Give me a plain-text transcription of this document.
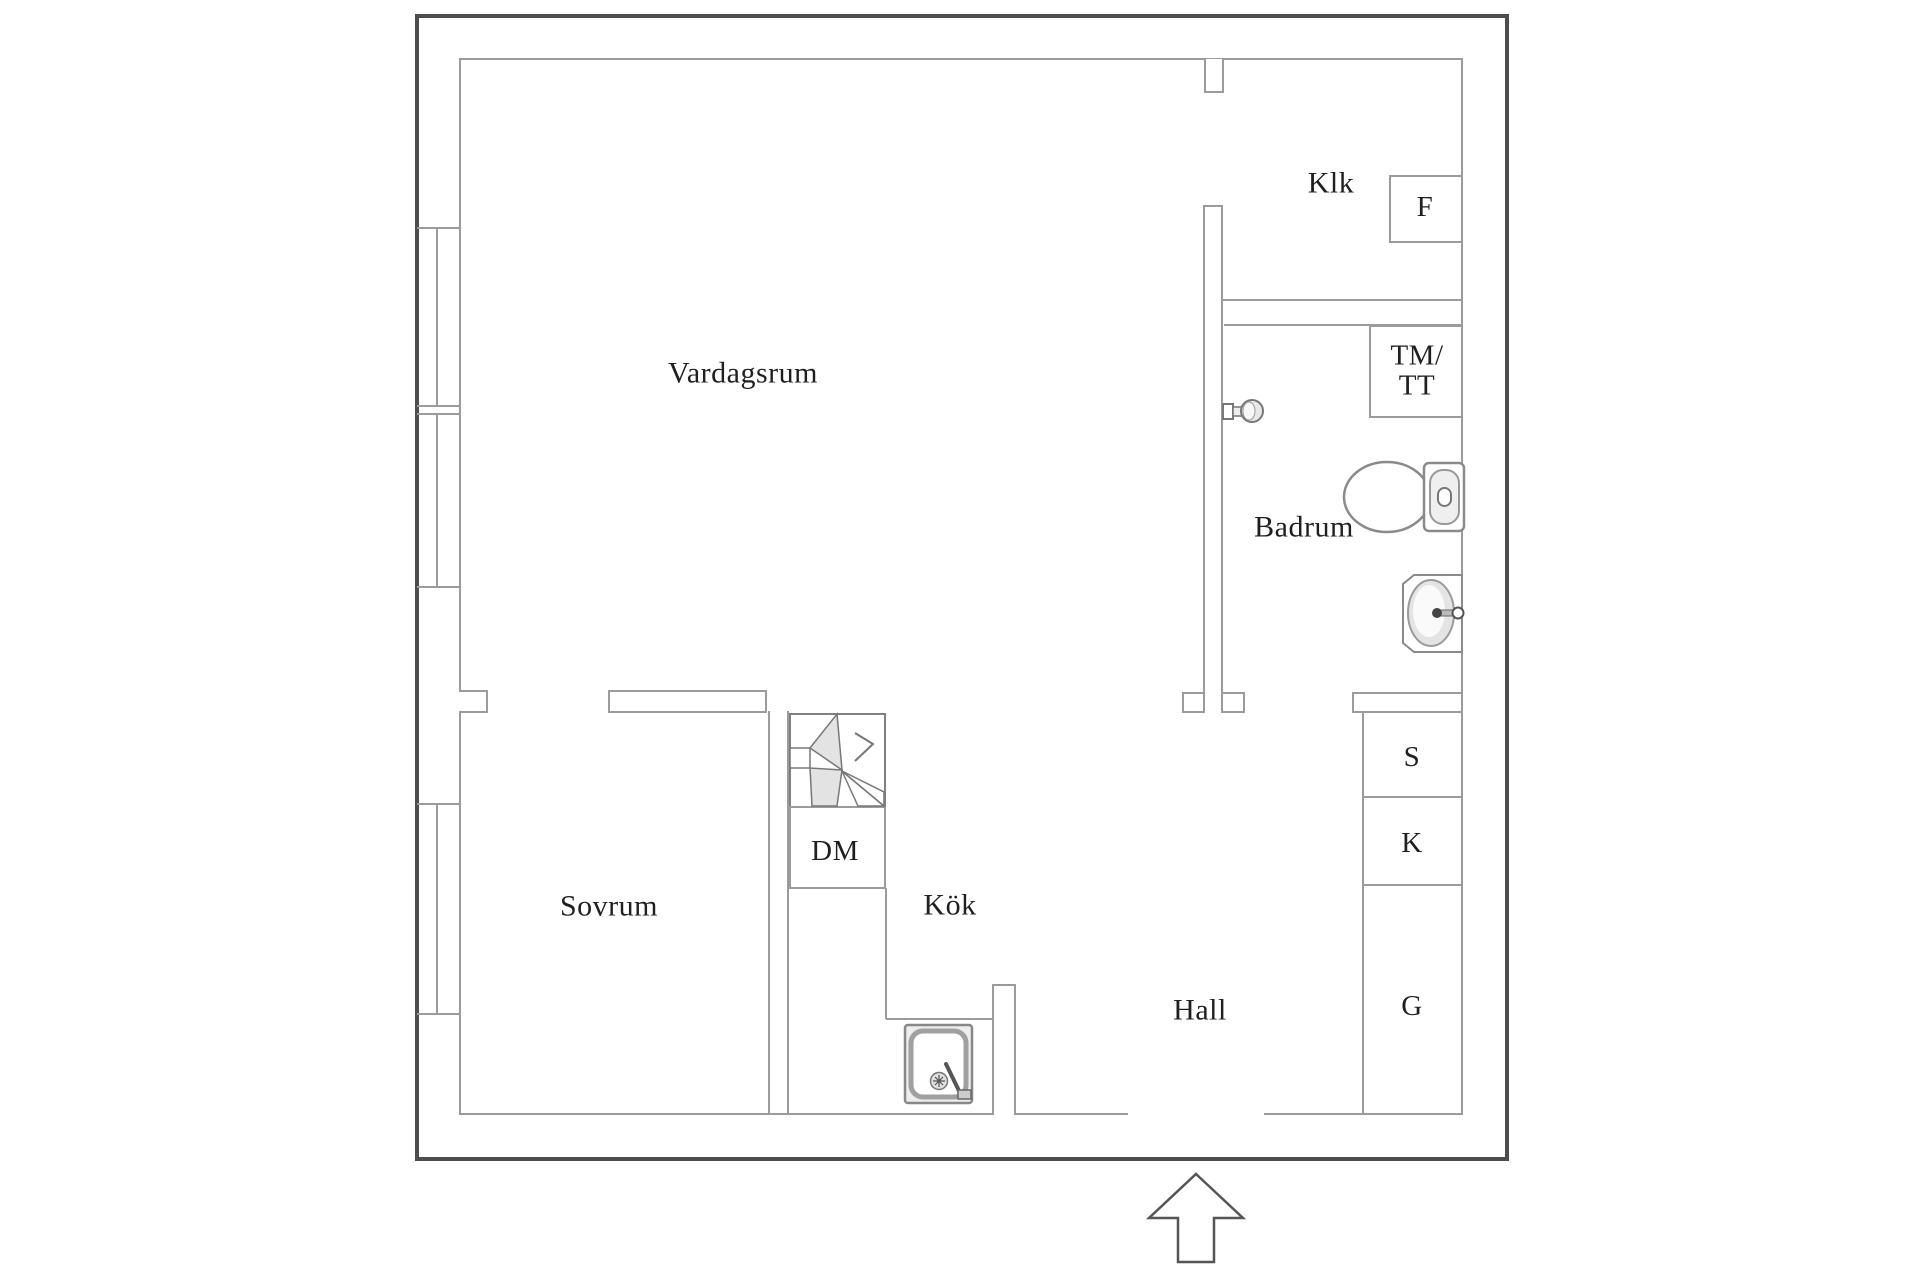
Vardagsrum
Sovrum	Kök
Hall
Badrum
Klk
F
TM/
TT
DM
S
K
G
